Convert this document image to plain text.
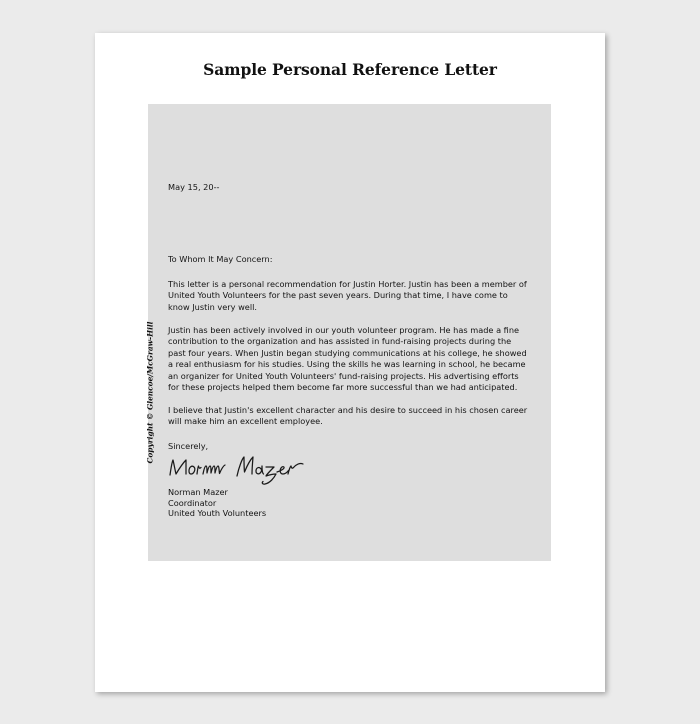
Sample Personal Reference Letter
May 15, 20--
To Whom It May Concern:
This letter is a personal recommendation for Justin Horter. Justin has been a member of United Youth Volunteers for the past seven years. During that time, I have come to know Justin very well.
Justin has been actively involved in our youth volunteer program. He has made a fine contribution to the organization and has assisted in fund-raising projects during the past four years. When Justin began studying communications at his college, he showed a real enthusiasm for his studies. Using the skills he was learning in school, he became an organizer for United Youth Volunteers' fund-raising projects. His advertising efforts for these projects helped them become far more successful than we had anticipated.
I believe that Justin's excellent character and his desire to succeed in his chosen career will make him an excellent employee.
Sincerely,
Norman Mazer
Coordinator
United Youth Volunteers
Copyright © Glencoe/McGraw-Hill
